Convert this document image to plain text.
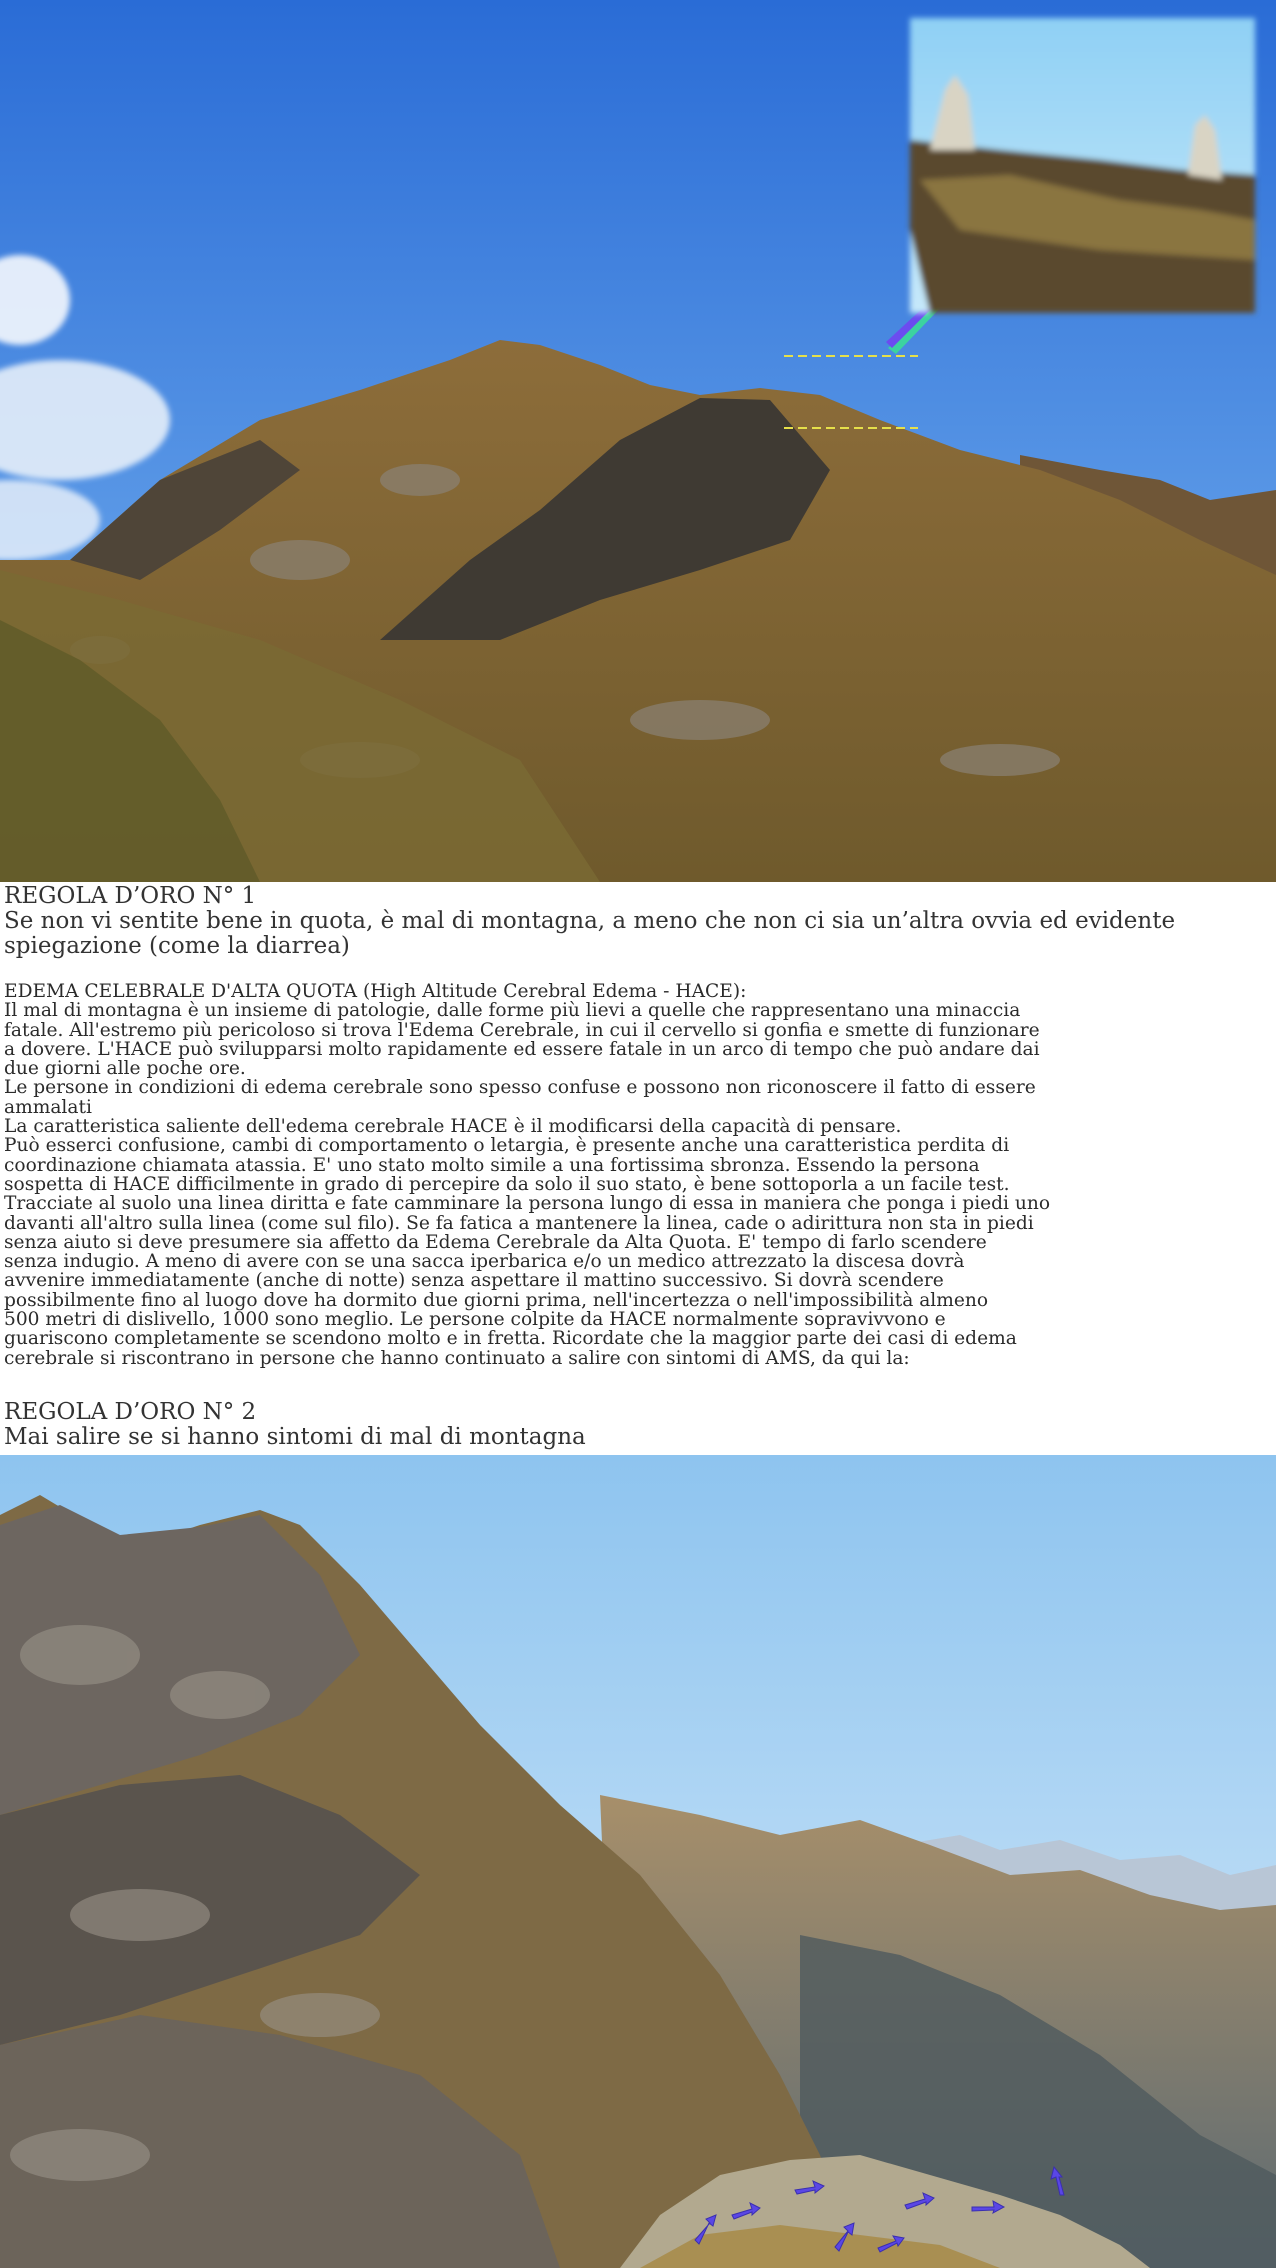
REGOLA D’ORO N° 1
Se non vi sentite bene in quota, è mal di montagna, a meno che non ci sia un’altra ovvia ed evidente
spiegazione (come la diarrea)

EDEMA CELEBRALE D'ALTA QUOTA (High Altitude Cerebral Edema - HACE):

Il mal di montagna è un insieme di patologie, dalle forme più lievi a quelle che rappresentano una minaccia
fatale. All'estremo più pericoloso si trova l'Edema Cerebrale, in cui il cervello si gonfia e smette di funzionare
a dovere. L'HACE può svilupparsi molto rapidamente ed essere fatale in un arco di tempo che può andare dai
due giorni alle poche ore.

Le persone in condizioni di edema cerebrale sono spesso confuse e possono non riconoscere il fatto di essere
ammalati

La caratteristica saliente dell'edema cerebrale HACE è il modificarsi della capacità di pensare.

Può esserci confusione, cambi di comportamento o letargia, è presente anche una caratteristica perdita di
coordinazione chiamata atassia. E' uno stato molto simile a una fortissima sbronza. Essendo la persona
sospetta di HACE difficilmente in grado di percepire da solo il suo stato, è bene sottoporla a un facile test.

Tracciate al suolo una linea diritta e fate camminare la persona lungo di essa in maniera che ponga i piedi uno
davanti all'altro sulla linea (come sul filo). Se fa fatica a mantenere la linea, cade o adirittura non sta in piedi
senza aiuto si deve presumere sia affetto da Edema Cerebrale da Alta Quota. E' tempo di farlo scendere
senza indugio. A meno di avere con se una sacca iperbarica e/o un medico attrezzato la discesa dovrà
avvenire immediatamente (anche di notte) senza aspettare il mattino successivo. Si dovrà scendere
possibilmente fino al luogo dove ha dormito due giorni prima, nell'incertezza o nell'impossibilità almeno
500 metri di dislivello, 1000 sono meglio. Le persone colpite da HACE normalmente sopravivvono e
guariscono completamente se scendono molto e in fretta. Ricordate che la maggior parte dei casi di edema
cerebrale si riscontrano in persone che hanno continuato a salire con sintomi di AMS, da qui la:

REGOLA D’ORO N° 2
Mai salire se si hanno sintomi di mal di montagna
